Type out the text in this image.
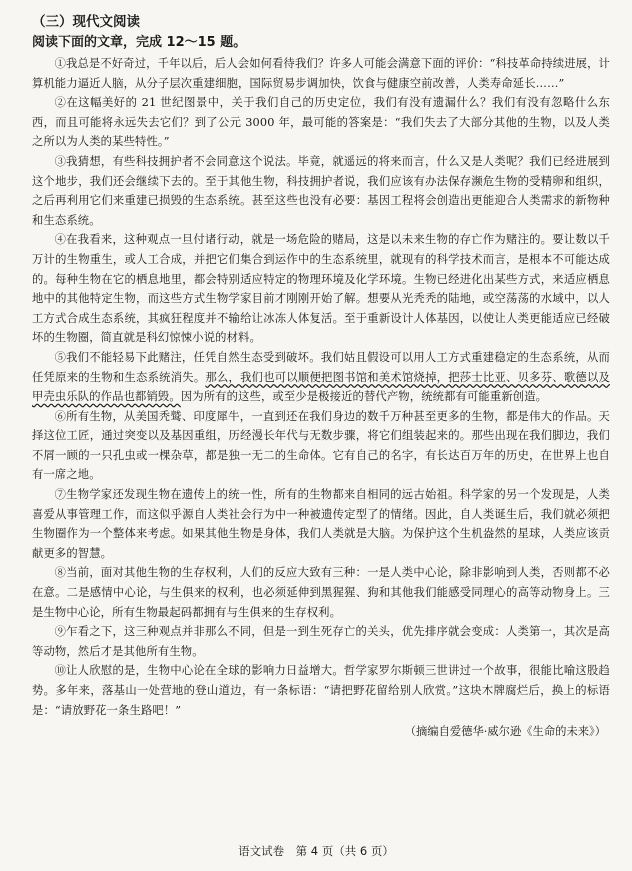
（三）现代文阅读

阅读下面的文章，完成 12～15 题。

①我总是不好奇过，千年以后，后人会如何看待我们？许多人可能会满意下面的评价：“科技革命持续进展，计算机能力逼近人脑，从分子层次重建细胞，国际贸易步调加快，饮食与健康空前改善，人类寿命延长……”

②在这幅美好的 21 世纪图景中，关于我们自己的历史定位，我们有没有遗漏什么？我们有没有忽略什么东西，而且可能将永远失去它们？到了公元 3000 年，最可能的答案是：“我们失去了大部分其他的生物，以及人类之所以为人类的某些特性。”

③我猜想，有些科技拥护者不会同意这个说法。毕竟，就遥远的将来而言，什么又是人类呢？我们已经进展到这个地步，我们还会继续下去的。至于其他生物，科技拥护者说，我们应该有办法保存濒危生物的受精卵和组织，之后再利用它们来重建已损毁的生态系统。甚至这些也没有必要：基因工程将会创造出更能迎合人类需求的新物种和生态系统。

④在我看来，这种观点一旦付诸行动，就是一场危险的赌局，这是以未来生物的存亡作为赌注的。要让数以千万计的生物重生，或人工合成，并把它们集合到运作中的生态系统里，就现有的科学技术而言，是根本不可能达成的。每种生物在它的栖息地里，都会特别适应特定的物理环境及化学环境。生物已经进化出某些方式，来适应栖息地中的其他特定生物，而这些方式生物学家目前才刚刚开始了解。想要从光秃秃的陆地，或空荡荡的水域中，以人工方式合成生态系统，其疯狂程度并不输给让冰冻人体复活。至于重新设计人体基因，以使让人类更能适应已经破坏的生物圈，简直就是科幻惊悚小说的材料。

⑤我们不能轻易下此赌注，任凭自然生态受到破坏。我们姑且假设可以用人工方式重建稳定的生态系统，从而任凭原来的生物和生态系统消失。那么，我们也可以顺便把图书馆和美术馆烧掉，把莎士比亚、贝多芬、歌德以及甲壳虫乐队的作品也都销毁。因为所有的这些，或至少是极接近的替代产物，统统都有可能重新创造。

⑥所有生物，从美国秃鹫、印度犀牛，一直到还在我们身边的数千万种甚至更多的生物，都是伟大的作品。天择这位工匠，通过突变以及基因重组，历经漫长年代与无数步骤，将它们组装起来的。那些出现在我们脚边，我们不屑一顾的一只孔虫或一棵杂草，都是独一无二的生命体。它有自己的名字，有长达百万年的历史，在世界上也自有一席之地。

⑦生物学家还发现生物在遗传上的统一性，所有的生物都来自相同的远古始祖。科学家的另一个发现是，人类喜爱从事管理工作，而这似乎源自人类社会行为中一种被遗传定型了的情绪。因此，自人类诞生后，我们就必须把生物圈作为一个整体来考虑。如果其他生物是身体，我们人类就是大脑。为保护这个生机盎然的星球，人类应该贡献更多的智慧。

⑧当前，面对其他生物的生存权利，人们的反应大致有三种：一是人类中心论，除非影响到人类，否则都不必在意。二是感情中心论，与生俱来的权利，也必须延伸到黑猩猩、狗和其他我们能感受同理心的高等动物身上。三是生物中心论，所有生物最起码都拥有与生俱来的生存权利。

⑨乍看之下，这三种观点并非那么不同，但是一到生死存亡的关头，优先排序就会变成：人类第一，其次是高等动物，然后才是其他所有生物。

⑩让人欣慰的是，生物中心论在全球的影响力日益增大。哲学家罗尔斯顿三世讲过一个故事，很能比喻这股趋势。多年来，落基山一处营地的登山道边，有一条标语：“请把野花留给别人欣赏。”这块木牌腐烂后，换上的标语是：“请放野花一条生路吧！”

（摘编自爱德华·威尔逊《生命的未来》）

语文试卷　第 4 页（共 6 页）
